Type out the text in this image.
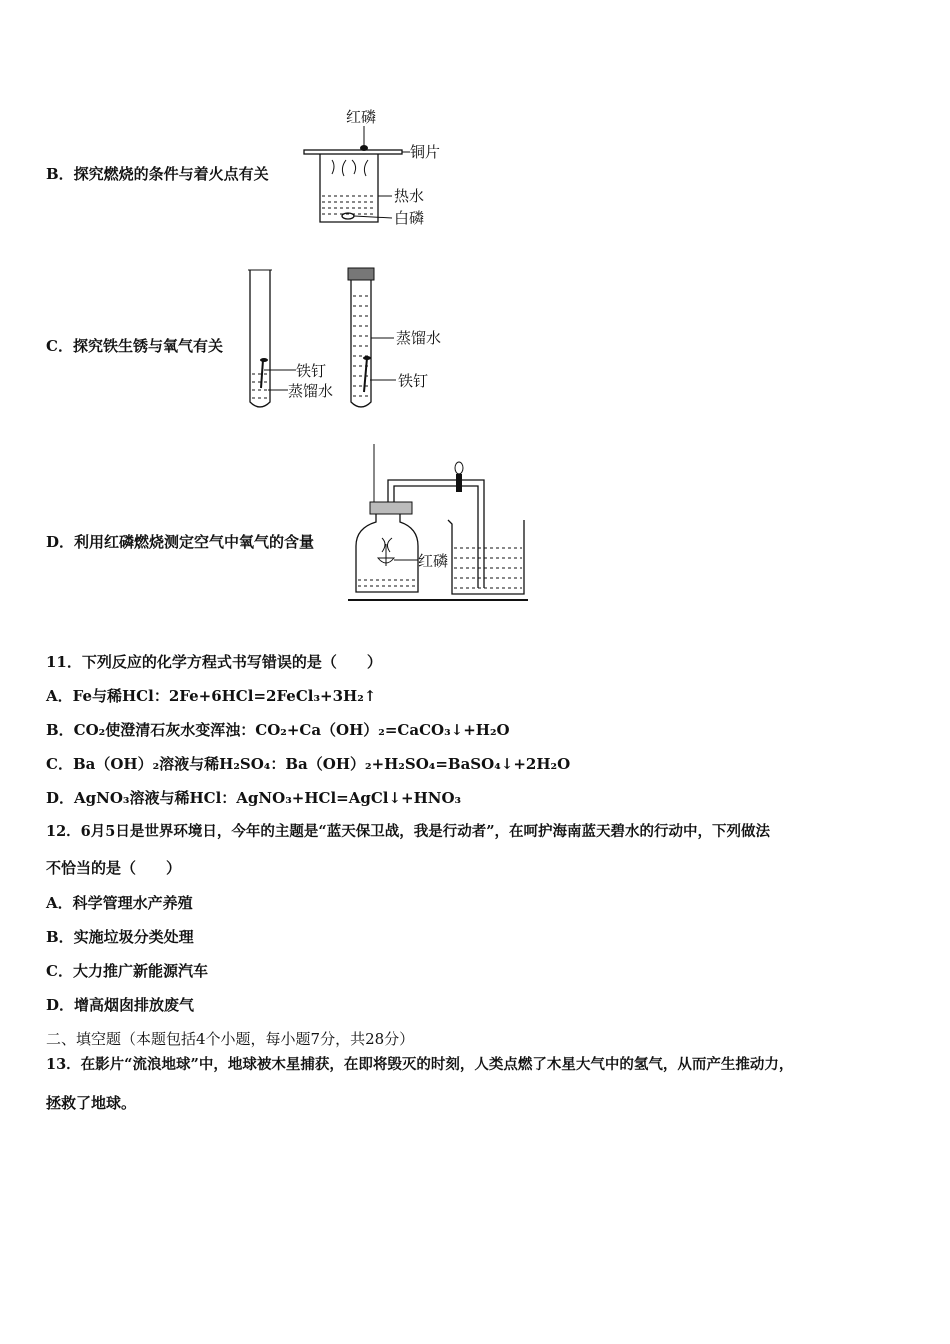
B．探究燃烧的条件与着火点有关
红磷
铜片
热水
白磷
C．探究铁生锈与氧气有关
铁钉
蒸馏水
蒸馏水
铁钉
D．利用红磷燃烧测定空气中氧气的含量
红磷
11．下列反应的化学方程式书写错误的是（　　）
A．Fe与稀HCl：2Fe+6HCl=2FeCl₃+3H₂↑
B．CO₂使澄清石灰水变浑浊：CO₂+Ca（OH）₂=CaCO₃↓+H₂O
C．Ba（OH）₂溶液与稀H₂SO₄：Ba（OH）₂+H₂SO₄=BaSO₄↓+2H₂O
D．AgNO₃溶液与稀HCl：AgNO₃+HCl=AgCl↓+HNO₃
12．6月5日是世界环境日，今年的主题是“蓝天保卫战，我是行动者”，在呵护海南蓝天碧水的行动中，下列做法
不恰当的是（　　）
A．科学管理水产养殖
B．实施垃圾分类处理
C．大力推广新能源汽车
D．增高烟囱排放废气
二、填空题（本题包括4个小题，每小题7分，共28分）
13．在影片“流浪地球”中，地球被木星捕获，在即将毁灭的时刻，人类点燃了木星大气中的氢气，从而产生推动力，
拯救了地球。
